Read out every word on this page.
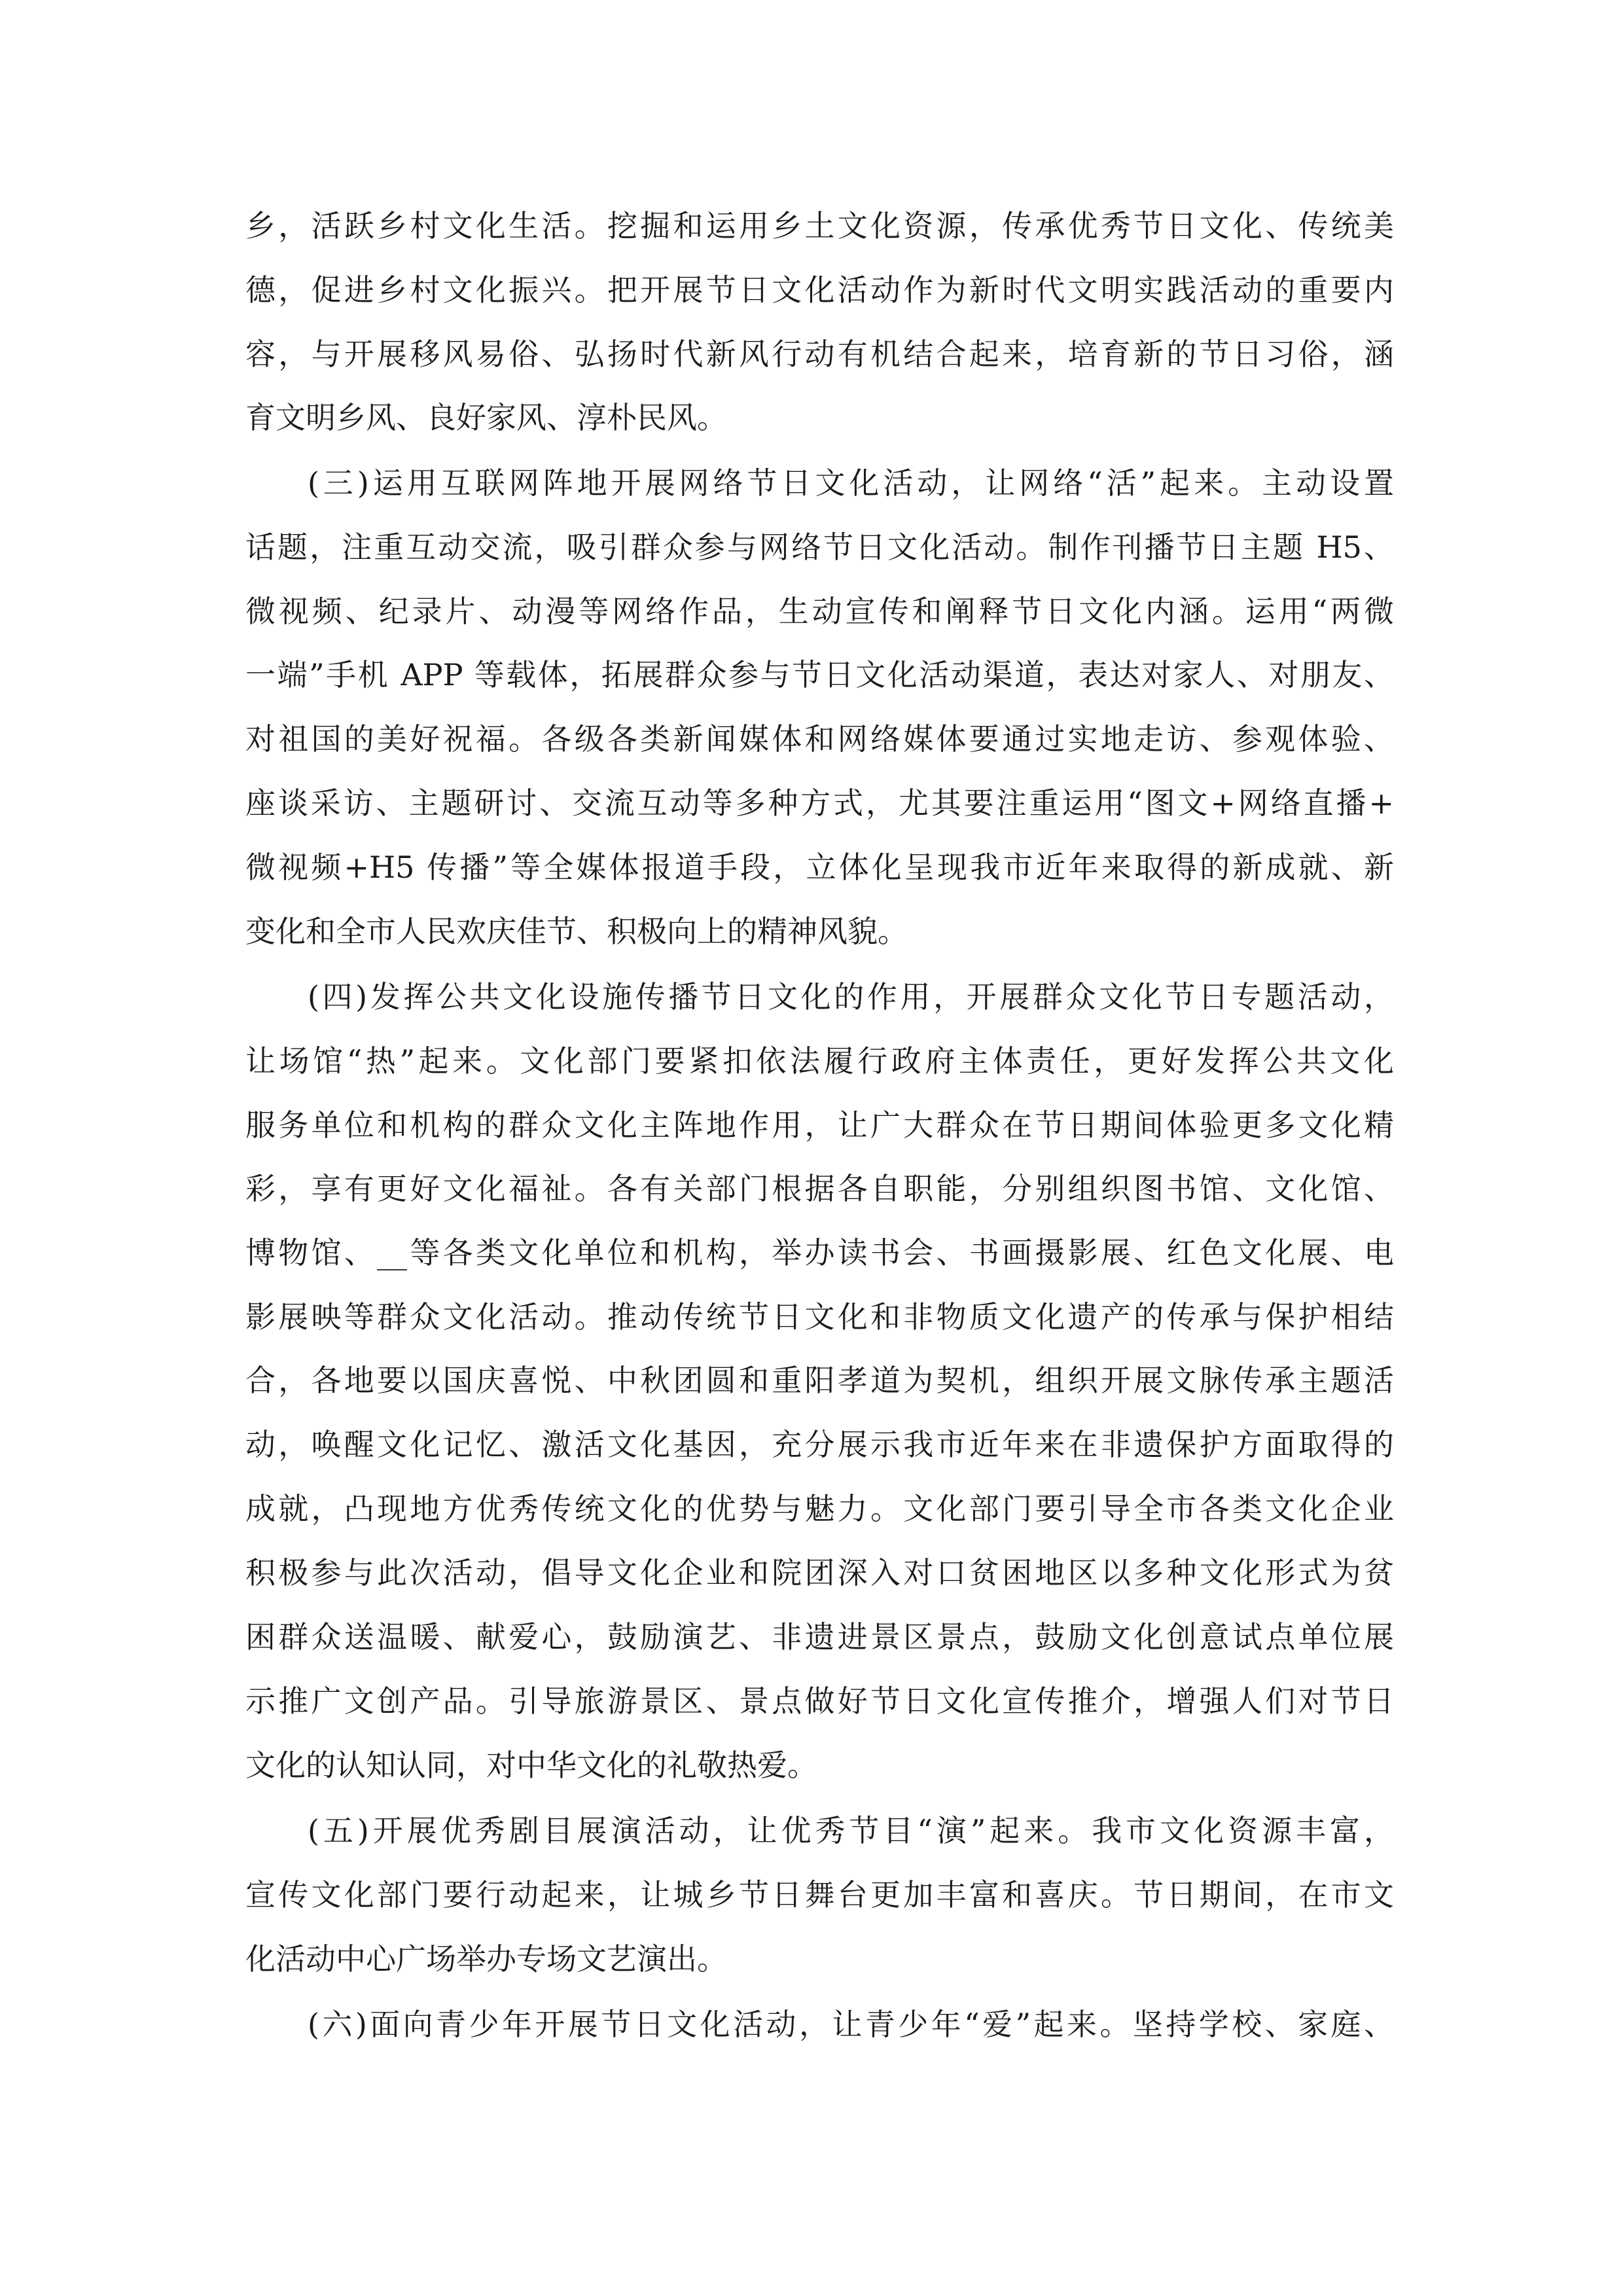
乡，活跃乡村文化生活。挖掘和运用乡土文化资源，传承优秀节日文化、传统美
德，促进乡村文化振兴。把开展节日文化活动作为新时代文明实践活动的重要内
容，与开展移风易俗、弘扬时代新风行动有机结合起来，培育新的节日习俗，涵
育文明乡风、良好家风、淳朴民风。
(三)运用互联网阵地开展网络节日文化活动，让网络“活”起来。主动设置
话题，注重互动交流，吸引群众参与网络节日文化活动。制作刊播节日主题 H5、
微视频、纪录片、动漫等网络作品，生动宣传和阐释节日文化内涵。运用“两微
一端”手机 APP 等载体，拓展群众参与节日文化活动渠道，表达对家人、对朋友、
对祖国的美好祝福。各级各类新闻媒体和网络媒体要通过实地走访、参观体验、
座谈采访、主题研讨、交流互动等多种方式，尤其要注重运用“图文+网络直播+
微视频+H5 传播”等全媒体报道手段，立体化呈现我市近年来取得的新成就、新
变化和全市人民欢庆佳节、积极向上的精神风貌。
(四)发挥公共文化设施传播节日文化的作用，开展群众文化节日专题活动，
让场馆“热”起来。文化部门要紧扣依法履行政府主体责任，更好发挥公共文化
服务单位和机构的群众文化主阵地作用，让广大群众在节日期间体验更多文化精
彩，享有更好文化福祉。各有关部门根据各自职能，分别组织图书馆、文化馆、
博物馆、__等各类文化单位和机构，举办读书会、书画摄影展、红色文化展、电
影展映等群众文化活动。推动传统节日文化和非物质文化遗产的传承与保护相结
合，各地要以国庆喜悦、中秋团圆和重阳孝道为契机，组织开展文脉传承主题活
动，唤醒文化记忆、激活文化基因，充分展示我市近年来在非遗保护方面取得的
成就，凸现地方优秀传统文化的优势与魅力。文化部门要引导全市各类文化企业
积极参与此次活动，倡导文化企业和院团深入对口贫困地区以多种文化形式为贫
困群众送温暖、献爱心，鼓励演艺、非遗进景区景点，鼓励文化创意试点单位展
示推广文创产品。引导旅游景区、景点做好节日文化宣传推介，增强人们对节日
文化的认知认同，对中华文化的礼敬热爱。
(五)开展优秀剧目展演活动，让优秀节目“演”起来。我市文化资源丰富，
宣传文化部门要行动起来，让城乡节日舞台更加丰富和喜庆。节日期间，在市文
化活动中心广场举办专场文艺演出。
(六)面向青少年开展节日文化活动，让青少年“爱”起来。坚持学校、家庭、
